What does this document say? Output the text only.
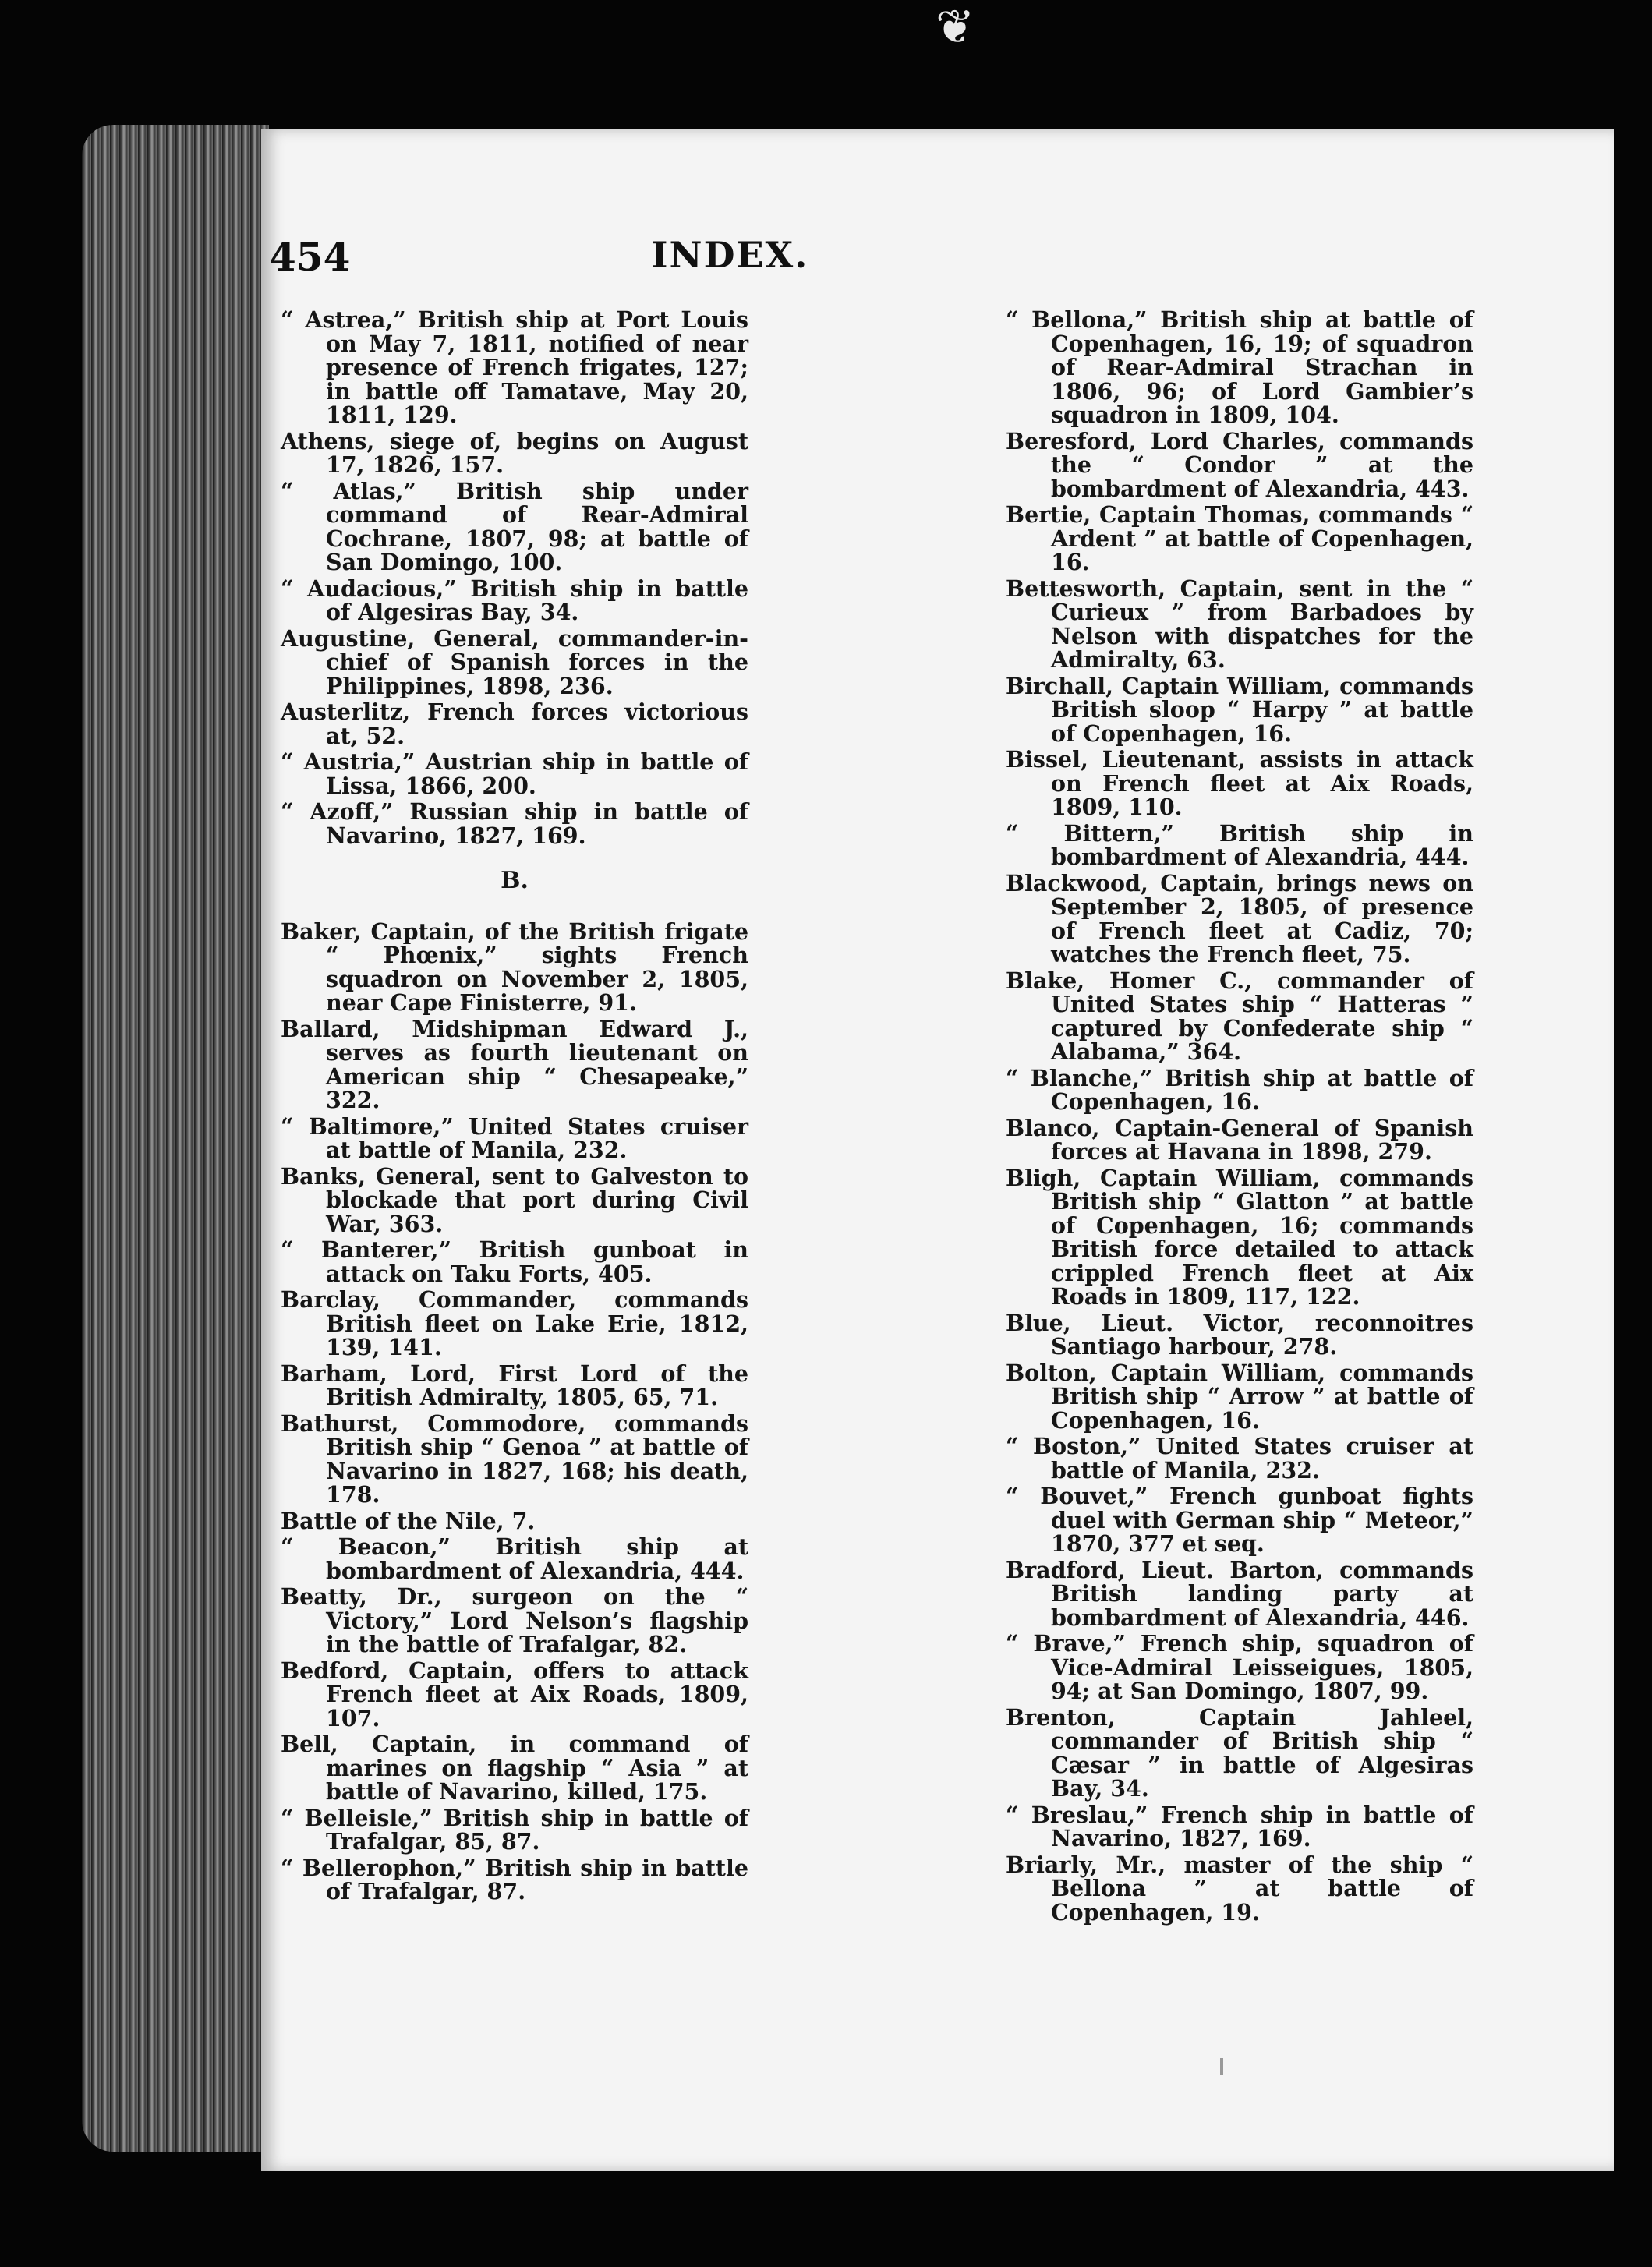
❦
454	INDEX.

“ Astrea,” British ship at Port Louis on May 7, 1811, notified of near presence of French frigates, 127; in battle off Tamatave, May 20, 1811, 129.

Athens, siege of, begins on August 17, 1826, 157.

“ Atlas,” British ship under command of Rear-Admiral Cochrane, 1807, 98; at battle of San Domingo, 100.

“ Audacious,” British ship in battle of Algesiras Bay, 34.

Augustine, General, commander-in-chief of Spanish forces in the Philippines, 1898, 236.

Austerlitz, French forces victorious at, 52.

“ Austria,” Austrian ship in battle of Lissa, 1866, 200.

“ Azoff,” Russian ship in battle of Navarino, 1827, 169.

B.

Baker, Captain, of the British frigate “ Phœnix,” sights French squadron on November 2, 1805, near Cape Finisterre, 91.

Ballard, Midshipman Edward J., serves as fourth lieutenant on American ship “ Chesapeake,” 322.

“ Baltimore,” United States cruiser at battle of Manila, 232.

Banks, General, sent to Galveston to blockade that port during Civil War, 363.

“ Banterer,” British gunboat in attack on Taku Forts, 405.

Barclay, Commander, commands British fleet on Lake Erie, 1812, 139, 141.

Barham, Lord, First Lord of the British Admiralty, 1805, 65, 71.

Bathurst, Commodore, commands British ship “ Genoa ” at battle of Navarino in 1827, 168; his death, 178.

Battle of the Nile, 7.

“ Beacon,” British ship at bombardment of Alexandria, 444.

Beatty, Dr., surgeon on the “ Victory,” Lord Nelson’s flagship in the battle of Trafalgar, 82.

Bedford, Captain, offers to attack French fleet at Aix Roads, 1809, 107.

Bell, Captain, in command of marines on flagship “ Asia ” at battle of Navarino, killed, 175.

“ Belleisle,” British ship in battle of Trafalgar, 85, 87.

“ Bellerophon,” British ship in battle of Trafalgar, 87.

“ Bellona,” British ship at battle of Copenhagen, 16, 19; of squadron of Rear-Admiral Strachan in 1806, 96; of Lord Gambier’s squadron in 1809, 104.

Beresford, Lord Charles, commands the “ Condor ” at the bombardment of Alexandria, 443.

Bertie, Captain Thomas, commands “ Ardent ” at battle of Copenhagen, 16.

Bettesworth, Captain, sent in the “ Curieux ” from Barbadoes by Nelson with dispatches for the Admiralty, 63.

Birchall, Captain William, commands British sloop “ Harpy ” at battle of Copenhagen, 16.

Bissel, Lieutenant, assists in attack on French fleet at Aix Roads, 1809, 110.

“ Bittern,” British ship in bombardment of Alexandria, 444.

Blackwood, Captain, brings news on September 2, 1805, of presence of French fleet at Cadiz, 70; watches the French fleet, 75.

Blake, Homer C., commander of United States ship “ Hatteras ” captured by Confederate ship “ Alabama,” 364.

“ Blanche,” British ship at battle of Copenhagen, 16.

Blanco, Captain-General of Spanish forces at Havana in 1898, 279.

Bligh, Captain William, commands British ship “ Glatton ” at battle of Copenhagen, 16; commands British force detailed to attack crippled French fleet at Aix Roads in 1809, 117, 122.

Blue, Lieut. Victor, reconnoitres Santiago harbour, 278.

Bolton, Captain William, commands British ship “ Arrow ” at battle of Copenhagen, 16.

“ Boston,” United States cruiser at battle of Manila, 232.

“ Bouvet,” French gunboat fights duel with German ship “ Meteor,” 1870, 377 et seq.

Bradford, Lieut. Barton, commands British landing party at bombardment of Alexandria, 446.

“ Brave,” French ship, squadron of Vice-Admiral Leisseigues, 1805, 94; at San Domingo, 1807, 99.

Brenton, Captain Jahleel, commander of British ship “ Cæsar ” in battle of Algesiras Bay, 34.

“ Breslau,” French ship in battle of Navarino, 1827, 169.

Briarly, Mr., master of the ship “ Bellona ” at battle of Copenhagen, 19.
